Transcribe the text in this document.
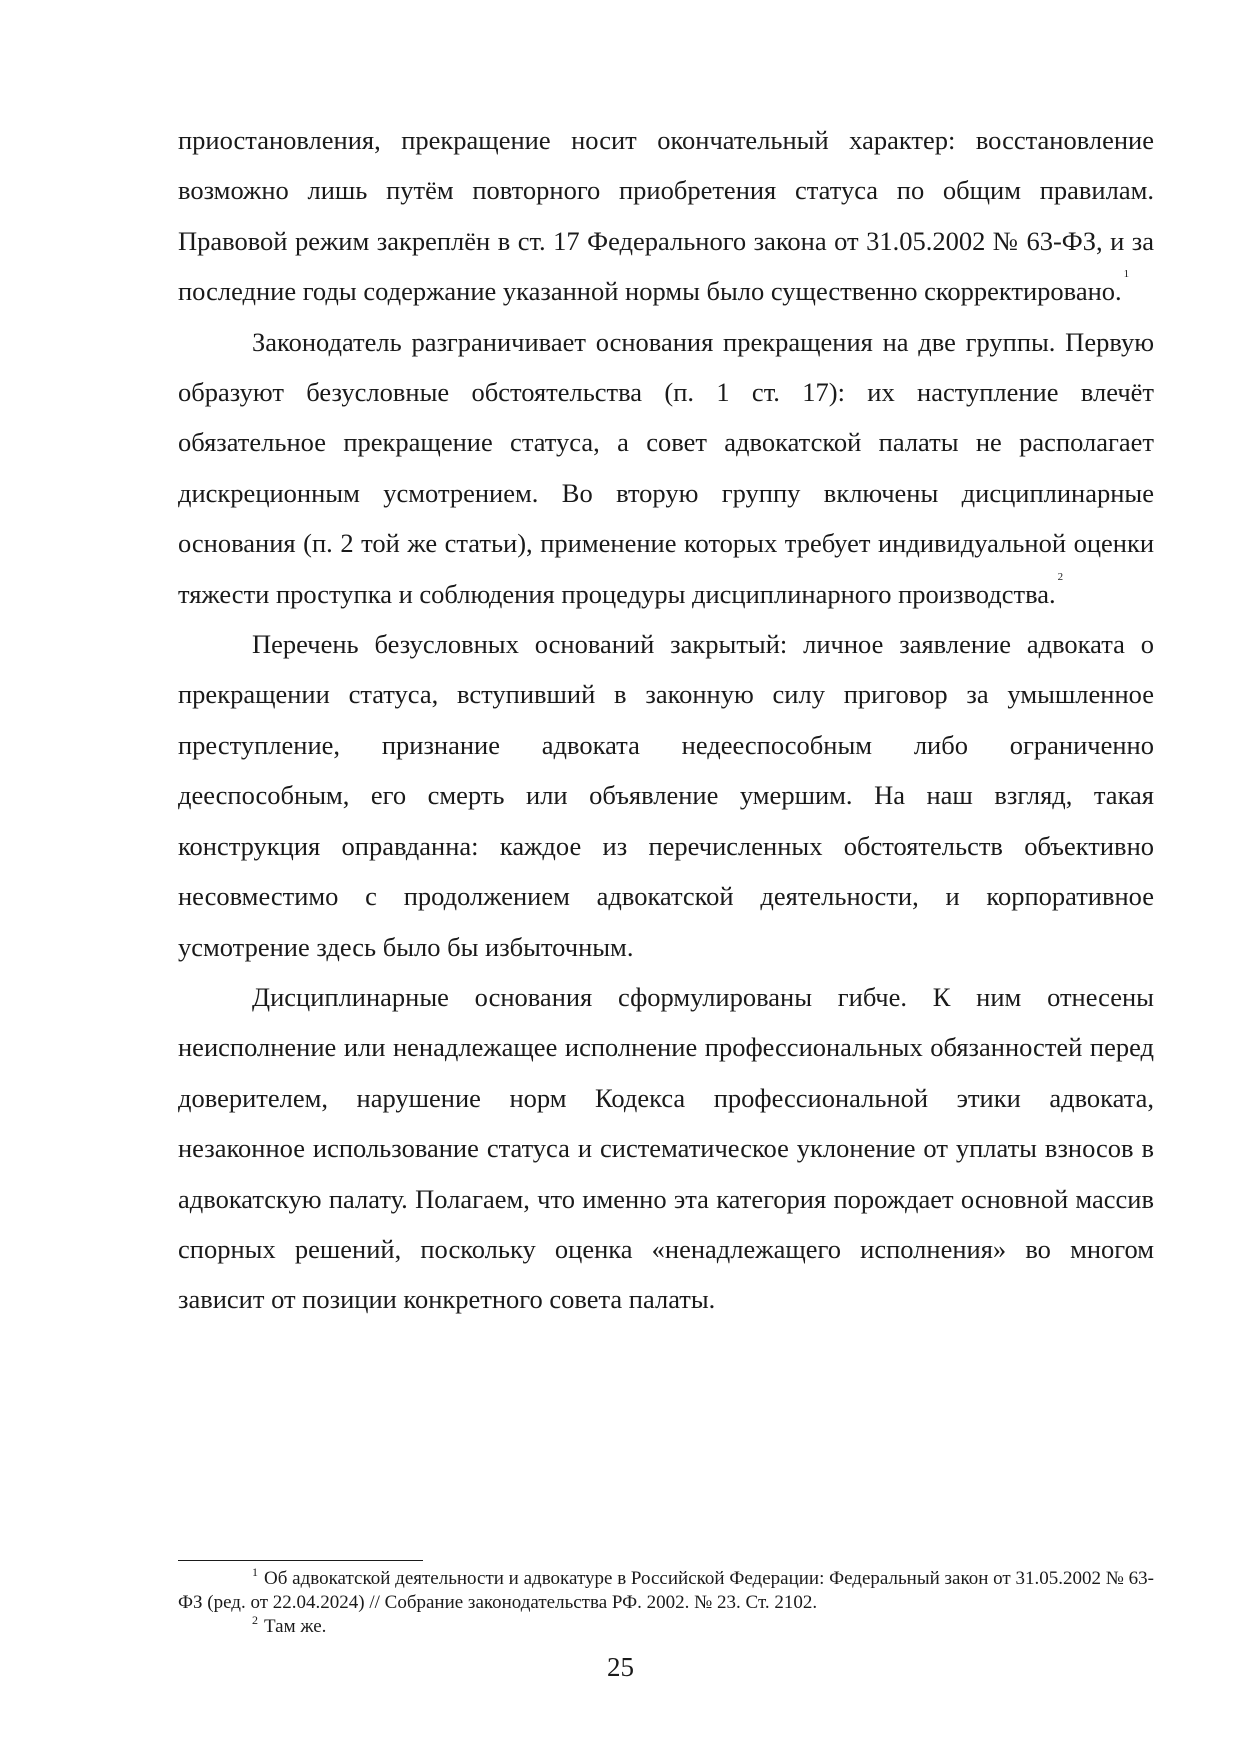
приостановления, прекращение носит окончательный характер: восстановление возможно лишь путём повторного приобретения статуса по общим правилам. Правовой режим закреплён в ст. 17 Федерального закона от 31.05.2002 № 63-ФЗ, и за последние годы содержание указанной нормы было существенно скорректировано.$^1$

Законодатель разграничивает основания прекращения на две группы. Первую образуют безусловные обстоятельства (п. 1 ст. 17): их наступление влечёт обязательное прекращение статуса, а совет адвокатской палаты не располагает дискреционным усмотрением. Во вторую группу включены дисциплинарные основания (п. 2 той же статьи), применение которых требует индивидуальной оценки тяжести проступка и соблюдения процедуры дисциплинарного производства.$^2$

Перечень безусловных оснований закрытый: личное заявление адвоката о прекращении статуса, вступивший в законную силу приговор за умышленное преступление, признание адвоката недееспособным либо ограниченно дееспособным, его смерть или объявление умершим. На наш взгляд, такая конструкция оправданна: каждое из перечисленных обстоятельств объективно несовместимо с продолжением адвокатской деятельности, и корпоративное усмотрение здесь было бы избыточным.

Дисциплинарные основания сформулированы гибче. К ним отнесены неисполнение или ненадлежащее исполнение профессиональных обязанностей перед доверителем, нарушение норм Кодекса профессиональной этики адвоката, незаконное использование статуса и систематическое уклонение от уплаты взносов в адвокатскую палату. Полагаем, что именно эта категория порождает основной массив спорных решений, поскольку оценка «ненадлежащего исполнения» во многом зависит от позиции конкретного совета палаты.

$^1$ Об адвокатской деятельности и адвокатуре в Российской Федерации: Федеральный закон от 31.05.2002 № 63-ФЗ (ред. от 22.04.2024) // Собрание законодательства РФ. 2002. № 23. Ст. 2102.

$^2$ Там же.

25
